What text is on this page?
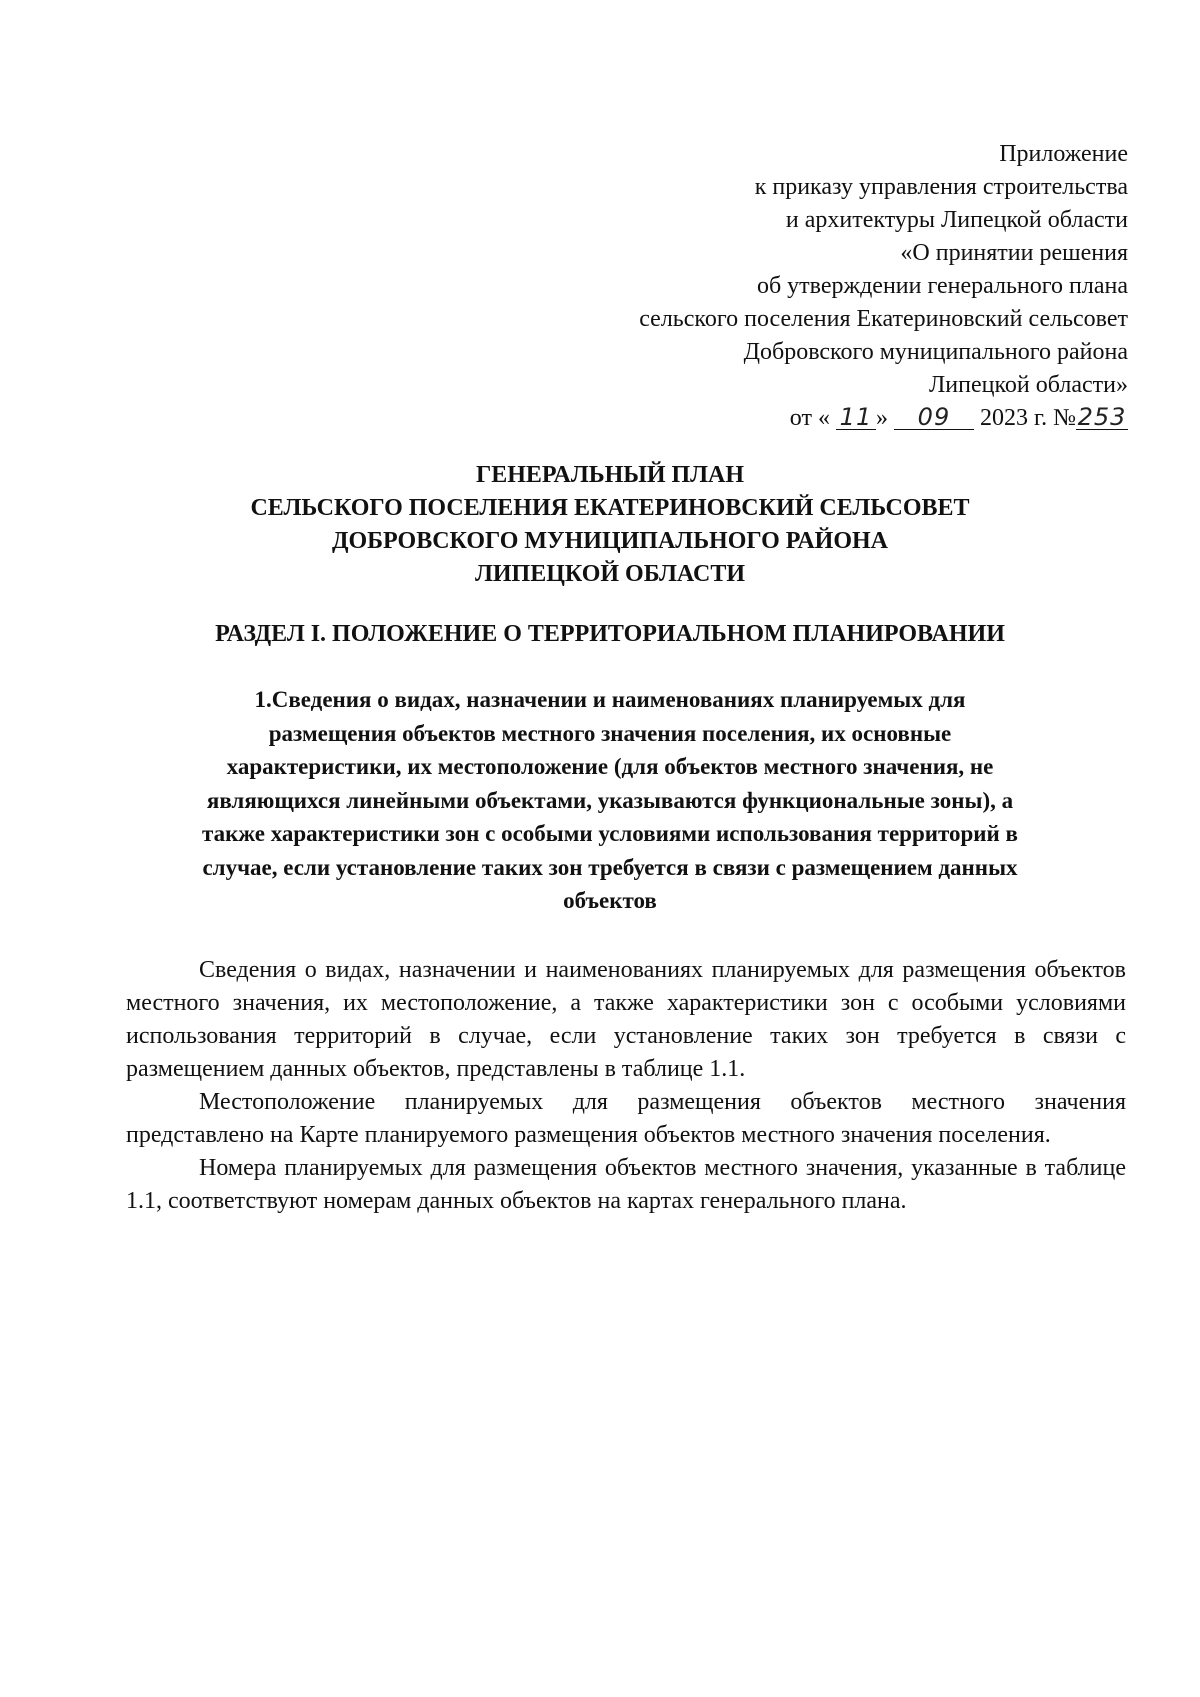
Приложение
к приказу управления строительства
и архитектуры Липецкой области
«О принятии решения
об утверждении генерального плана
сельского поселения Екатериновский сельсовет
Добровского муниципального района
Липецкой области»
от « 11 » 09 2023 г. №253
ГЕНЕРАЛЬНЫЙ ПЛАН
СЕЛЬСКОГО ПОСЕЛЕНИЯ ЕКАТЕРИНОВСКИЙ СЕЛЬСОВЕТ
ДОБРОВСКОГО МУНИЦИПАЛЬНОГО РАЙОНА
ЛИПЕЦКОЙ ОБЛАСТИ
РАЗДЕЛ I. ПОЛОЖЕНИЕ О ТЕРРИТОРИАЛЬНОМ ПЛАНИРОВАНИИ
1.Сведения о видах, назначении и наименованиях планируемых для
размещения объектов местного значения поселения, их основные
характеристики, их местоположение (для объектов местного значения, не
являющихся линейными объектами, указываются функциональные зоны), а
также характеристики зон с особыми условиями использования территорий в
случае, если установление таких зон требуется в связи с размещением данных
объектов

Сведения о видах, назначении и наименованиях планируемых для размещения объектов местного значения, их местоположение, а также характеристики зон с особыми условиями использования территорий в случае, если установление таких зон требуется в связи с размещением данных объектов, представлены в таблице 1.1.

Местоположение планируемых для размещения объектов местного значения представлено на Карте планируемого размещения объектов местного значения поселения.

Номера планируемых для размещения объектов местного значения, указанные в таблице 1.1, соответствуют номерам данных объектов на картах генерального плана.
